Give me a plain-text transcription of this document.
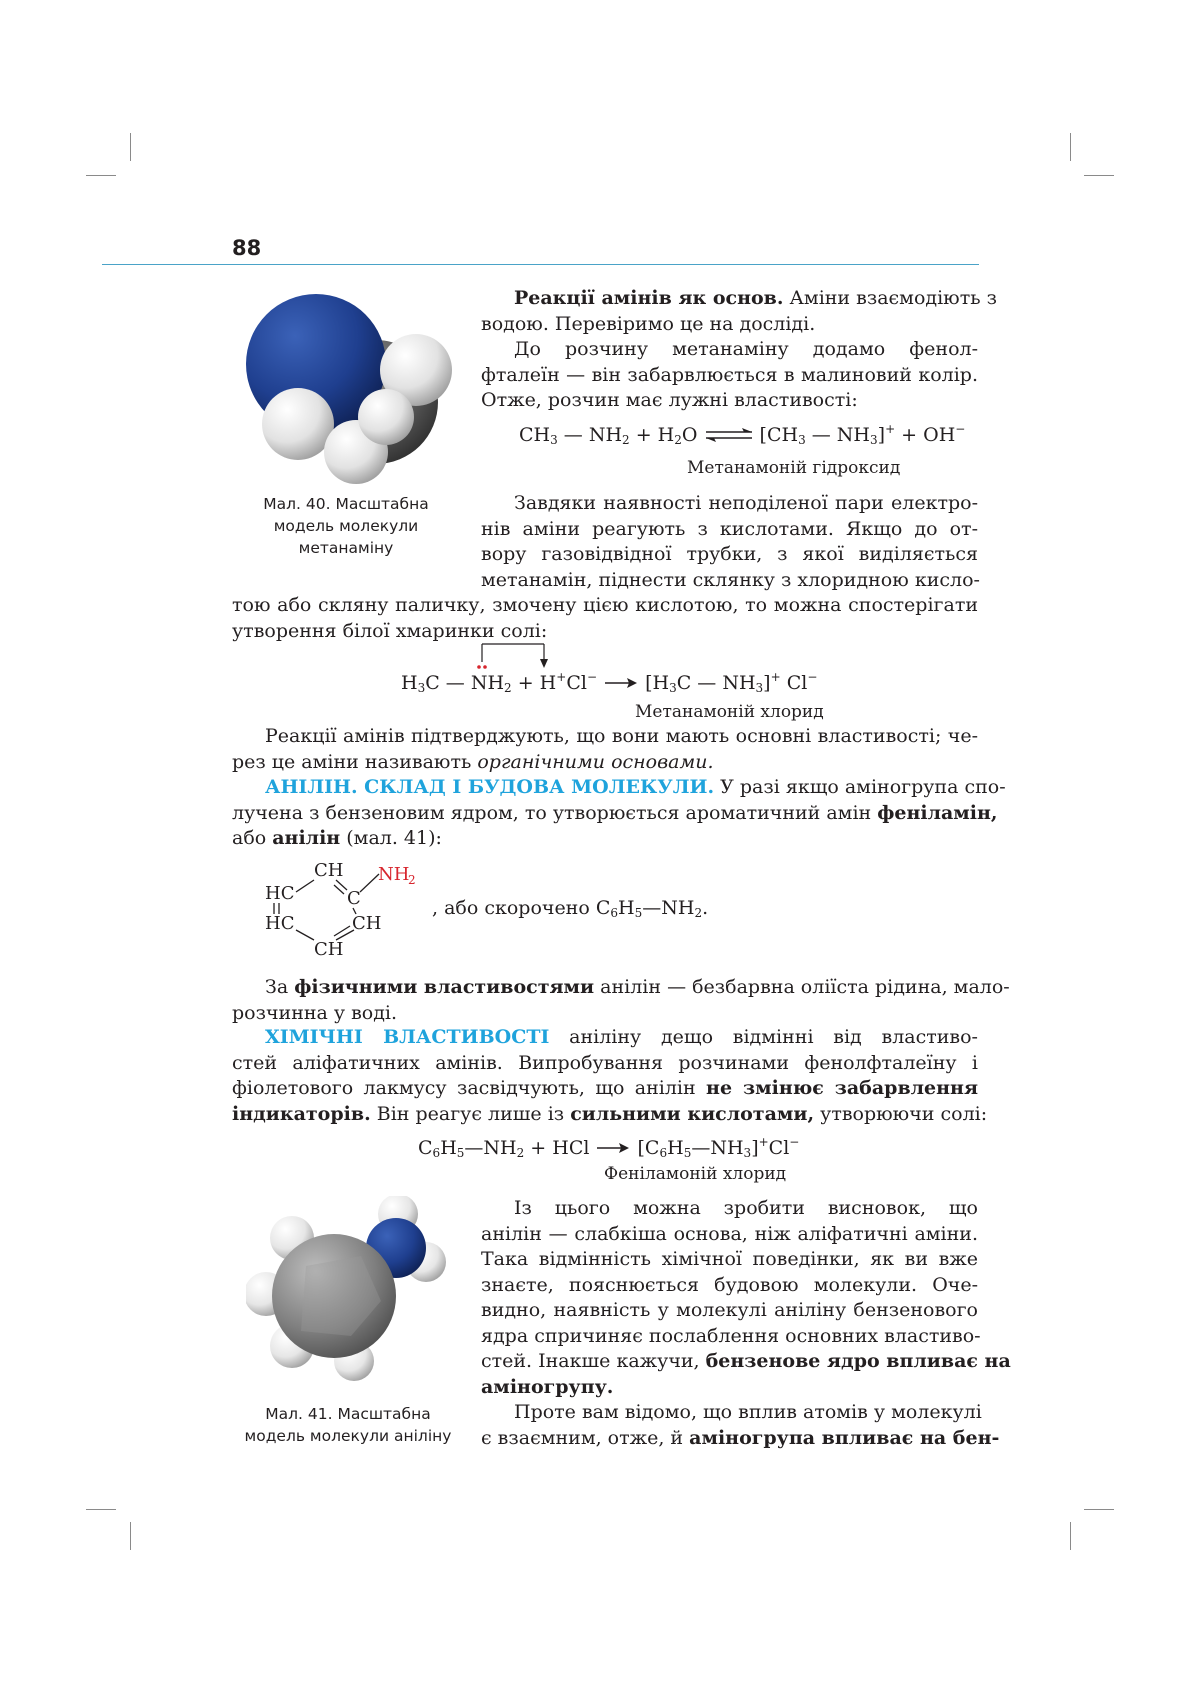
88
Мал. 40. Масштабна
модель молекули
метанаміну
Реакції амінів як основ. Аміни взаємодіють з
водою. Перевіримо це на досліді.
До розчину метанаміну додамо фенол-
фталеїн — він забарвлюється в малиновий колір.
Отже, розчин має лужні властивості:
$CH_3$ — $NH_2 + H_2O$ ⇌ [$CH_3$ — $NH_3]^+ + OH^-$
Метанамоній гідроксид
Завдяки наявності неподіленої пари електро-
нів аміни реагують з кислотами. Якщо до от-
вору газовідвідної трубки, з якої виділяється
метанамін, піднести склянку з хлоридною кисло-
тою або скляну паличку, змочену цією кислотою, то можна спостерігати
утворення білої хмаринки солі:
$H_3C$ — $NH_2 + H^+Cl^- \to [H_3C$ — $NH_3]^+$ Cl−
Метанамоній хлорид
Реакції амінів підтверджують, що вони мають основні властивості; че-
рез це аміни називають органічними основами.
АНІЛІН. СКЛАД І БУДОВА МОЛЕКУЛИ. У разі якщо аміногрупа спо-
лучена з бензеновим ядром, то утворюється ароматичний амін феніламін,
або анілін (мал. 41):
CH NH
2
HC	C
HC	CH
CH
, або скорочено $C_6H_5—NH_2$.
За фізичними властивостями анілін — безбарвна оліїста рідина, мало-
розчинна у воді.
ХІМІЧНІ ВЛАСТИВОСТІ аніліну дещо відмінні від властиво-
стей аліфатичних амінів. Випробування розчинами фенолфталеїну і
фіолетового лакмусу засвідчують, що анілін не змінює забарвлення
індикаторів. Він реагує лише із сильними кислотами, утворюючи солі:
$C_6H_5—NH_2$ + HCl → $[C_6H_5—NH_3]^+Cl^-$
Феніламоній хлорид
Мал. 41. Масштабна
модель молекули аніліну
Із цього можна зробити висновок, що
анілін — слабкіша основа, ніж аліфатичні аміни.
Така відмінність хімічної поведінки, як ви вже
знаєте, пояснюється будовою молекули. Оче-
видно, наявність у молекулі аніліну бензенового
ядра спричиняє послаблення основних властиво-
стей. Інакше кажучи, бензенове ядро впливає на
аміногрупу.
Проте вам відомо, що вплив атомів у молекулі
є взаємним, отже, й аміногрупа впливає на бен-
